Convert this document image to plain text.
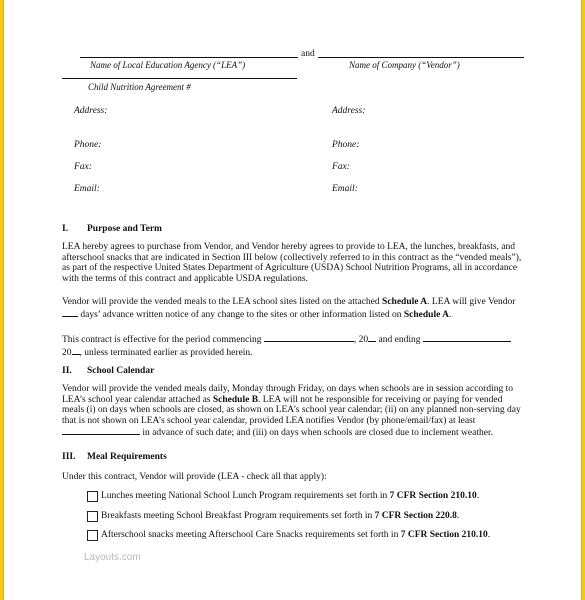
and
Name of Local Education Agency (“LEA”)	Name of Company (“Vendor”)
Child Nutrition Agreement #
Address:	Address:
Phone:	Phone:
Fax:	Fax:
Email:	Email:
I. Purpose and Term
LEA hereby agrees to purchase from Vendor, and Vendor hereby agrees to provide to LEA, the lunches, breakfasts, and
afterschool snacks that are indicated in Section III below (collectively referred to in this contract as the “vended meals”),
as part of the respective United States Department of Agriculture (USDA) School Nutrition Programs, all in accordance
with the terms of this contract and applicable USDA regulations.
Vendor will provide the vended meals to the LEA school sites listed on the attached Schedule A. LEA will give Vendor
days’ advance written notice of any change to the sites or other information listed on Schedule A.
This contract is effective for the period commencing	, 20 and ending
20 , unless terminated earlier as provided herein.
II. School Calendar
Vendor will provide the vended meals daily, Monday through Friday, on days when schools are in session according to
LEA’s school year calendar attached as Schedule B. LEA will not be responsible for receiving or paying for vended
meals (i) on days when schools are closed, as shown on LEA’s school year calendar; (ii) on any planned non-serving day
that is not shown on LEA’s school year calendar, provided LEA notifies Vendor (by phone/email/fax) at least
in advance of such date; and (iii) on days when schools are closed due to inclement weather.
III. Meal Requirements
Under this contract, Vendor will provide (LEA - check all that apply):
Lunches meeting National School Lunch Program requirements set forth in 7 CFR Section 210.10.
Breakfasts meeting School Breakfast Program requirements set forth in 7 CFR Section 220.8.
Afterschool snacks meeting Afterschool Care Snacks requirements set forth in 7 CFR Section 210.10.
Layouts.com
